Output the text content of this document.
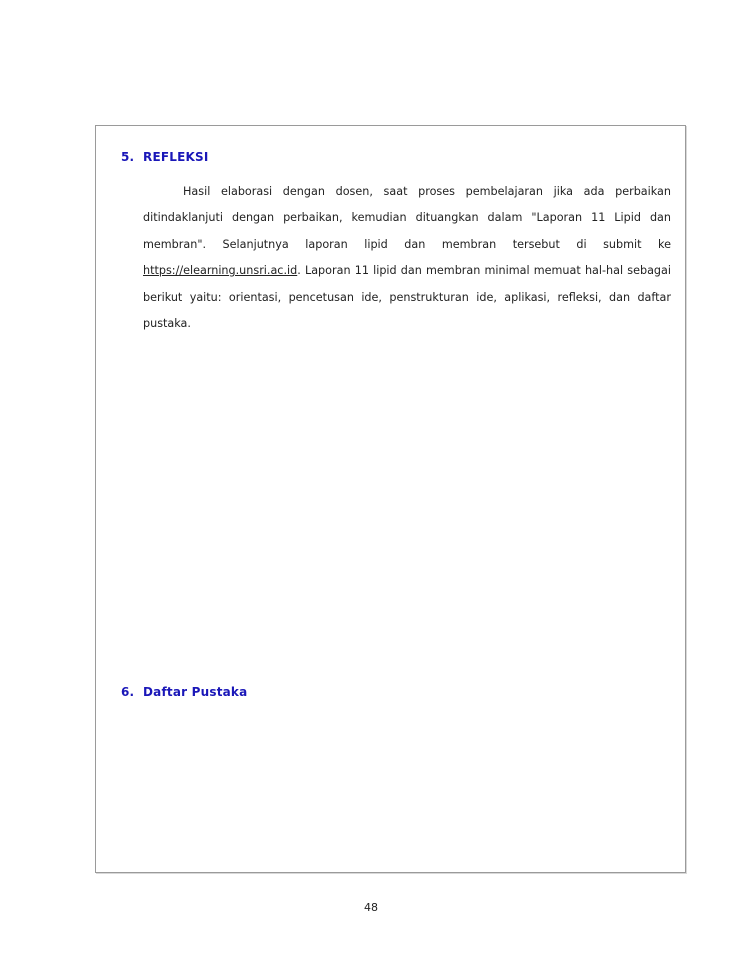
5. REFLEKSI

Hasil elaborasi dengan dosen, saat proses pembelajaran jika ada perbaikan ditindaklanjuti dengan perbaikan, kemudian dituangkan dalam "Laporan 11 Lipid dan membran". Selanjutnya laporan lipid dan membran tersebut di submit ke https://elearning.unsri.ac.id. Laporan 11 lipid dan membran minimal memuat hal-hal sebagai berikut yaitu: orientasi, pencetusan ide, penstrukturan ide, aplikasi, refleksi, dan daftar pustaka.

6. Daftar Pustaka
48
